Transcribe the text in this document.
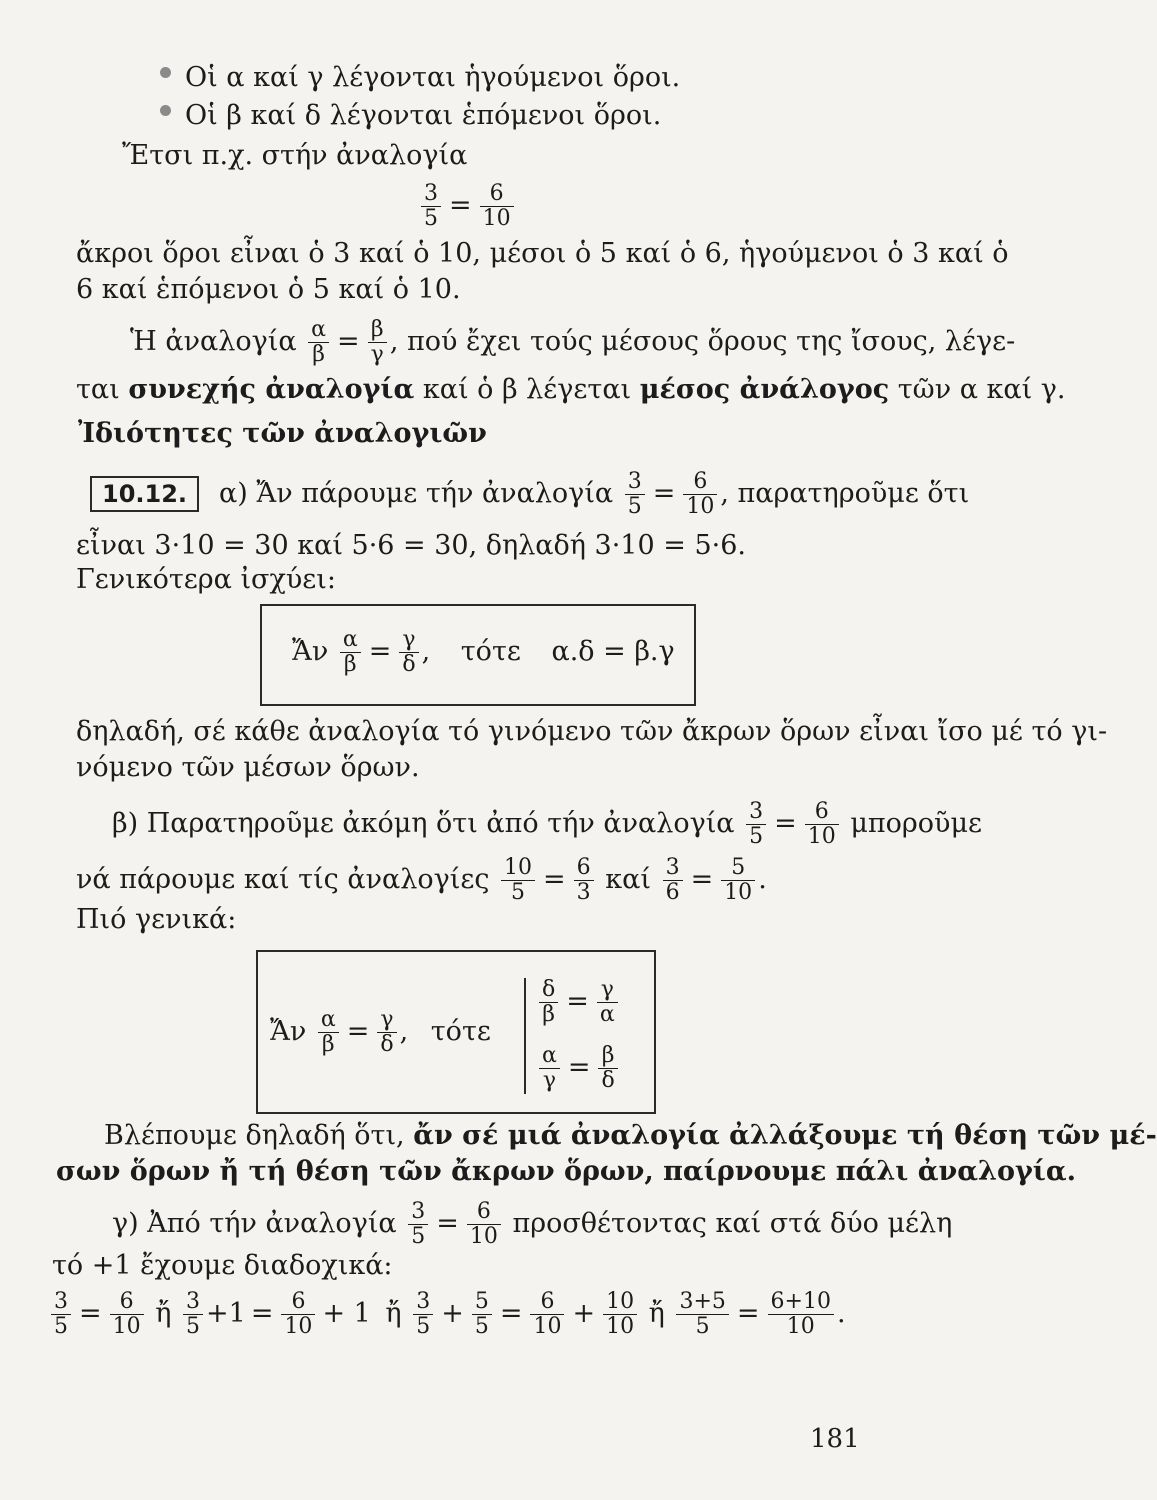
Οἱ α καί γ λέγονται ἡγούμενοι ὅροι.
Οἱ β καί δ λέγονται ἑπόμενοι ὅροι.
Ἔτσι π.χ. στήν ἀναλογία
$\frac{3}{5} = \frac{6}{10}$
ἄκροι ὅροι εἶναι ὁ 3 καί ὁ 10, μέσοι ὁ 5 καί ὁ 6, ἡγούμενοι ὁ 3 καί ὁ
6 καί ἑπόμενοι ὁ 5 καί ὁ 10.
Ἡ ἀναλογία $\frac{\alpha}{\beta} = \frac{\beta}{\gamma}$ , πού ἔχει τούς μέσους ὅρους της ἴσους, λέγε-
ται συνεχής ἀναλογία καί ὁ β λέγεται μέσος ἀνάλογος τῶν α καί γ.
Ἰδιότητες τῶν ἀναλογιῶν
10.12. α) Ἄν πάρουμε τήν ἀναλογία $\frac{3}{5} = \frac{6}{10}$ , παρατηροῦμε ὅτι
εἶναι 3·10 = 30 καί 5·6 = 30, δηλαδή 3·10 = 5·6.
Γενικότερα ἰσχύει:
Ἄν $\frac{\alpha}{\beta} = \frac{\gamma}{\delta}$ , τότε α.δ = β.γ
δηλαδή, σέ κάθε ἀναλογία τό γινόμενο τῶν ἄκρων ὅρων εἶναι ἴσο μέ τό γι-
νόμενο τῶν μέσων ὅρων.
β) Παρατηροῦμε ἀκόμη ὅτι ἀπό τήν ἀναλογία $\frac{3}{5} = \frac{6}{10}$ μποροῦμε
νά πάρουμε καί τίς ἀναλογίες $\frac{10}{5} = \frac{6}{3}$ καί $\frac{3}{6} = \frac{5}{10}$ .
Πιό γενικά:
Ἄν $\frac{\alpha}{\beta} = \frac{\gamma}{\delta}$ , τότε
$\frac{\delta}{\beta} = \frac{\gamma}{\alpha}$
$\frac{\alpha}{\gamma} = \frac{\beta}{\delta}$
Βλέπουμε δηλαδή ὅτι, ἄν σέ μιά ἀναλογία ἀλλάξουμε τή θέση τῶν μέ-
σων ὅρων ἤ τή θέση τῶν ἄκρων ὅρων, παίρνουμε πάλι ἀναλογία.
γ) Ἀπό τήν ἀναλογία $\frac{3}{5} = \frac{6}{10}$ προσθέτοντας καί στά δύο μέλη
τό +1 ἔχουμε διαδοχικά:
$\frac{3}{5} = \frac{6}{10}$ ἤ $\frac{3}{5} +1 = \frac{6}{10} + 1$ ἤ $\frac{3}{5} + \frac{5}{5} = \frac{6}{10} + \frac{10}{10}$ ἤ $\frac{3+5}{5} = \frac{6+10}{10}$ .
181
